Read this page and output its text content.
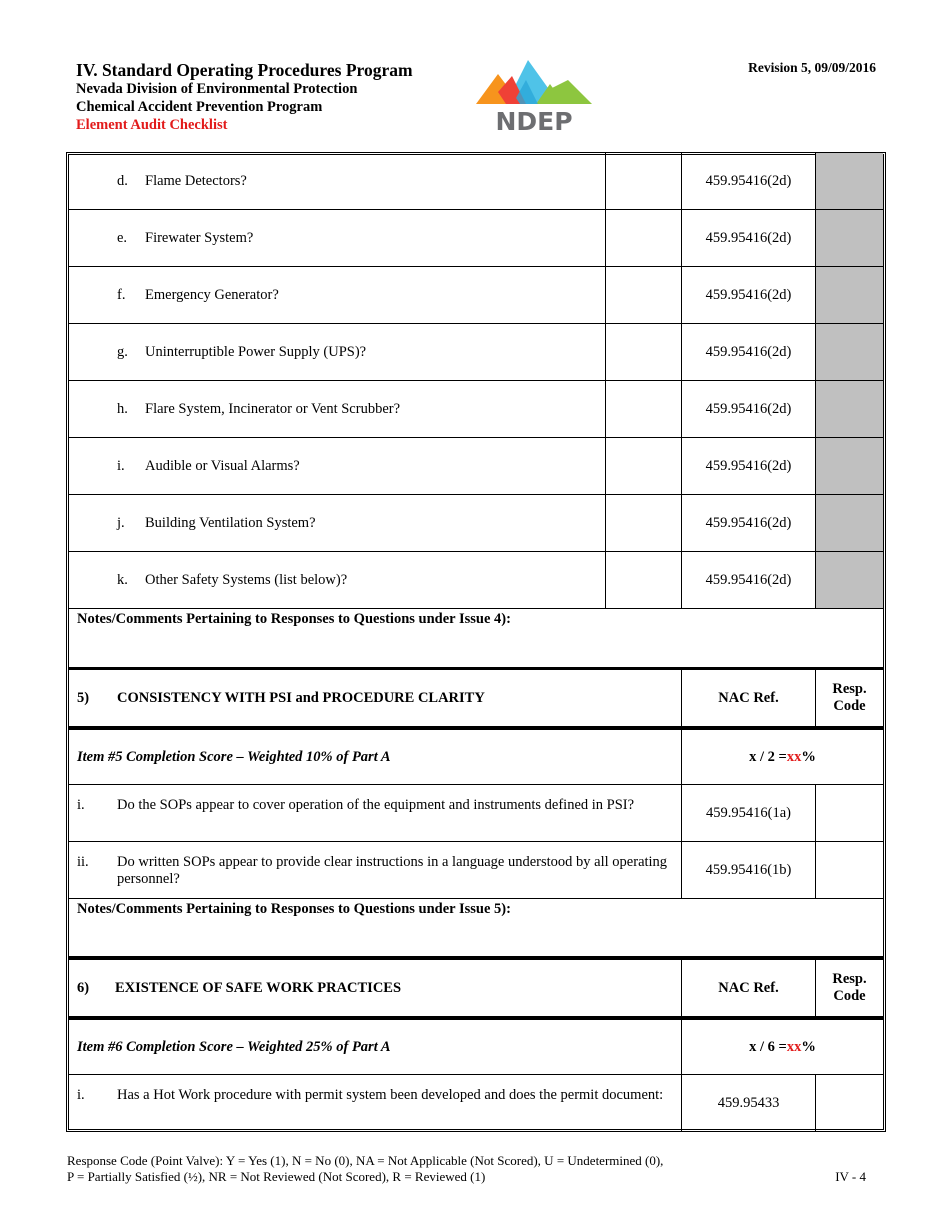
IV. Standard Operating Procedures Program
Nevada Division of Environmental Protection
Chemical Accident Prevention Program
Element Audit Checklist
Revision 5, 09/09/2016
NDEP
d. Flame Detectors?	459.95416(2d)
e. Firewater System?	459.95416(2d)
f. Emergency Generator?	459.95416(2d)
g. Uninterruptible Power Supply (UPS)?	459.95416(2d)
h. Flare System, Incinerator or Vent Scrubber?	459.95416(2d)
i. Audible or Visual Alarms?	459.95416(2d)
j. Building Ventilation System?	459.95416(2d)
k. Other Safety Systems (list below)?	459.95416(2d)
Notes/Comments Pertaining to Responses to Questions under Issue 4):
5) CONSISTENCY WITH PSI and PROCEDURE CLARITY	NAC Ref.
Resp.
Code
Item #5 Completion Score – Weighted 10% of Part A	x / 2 = xx %
i. Do the SOPs appear to cover operation of the equipment and instruments defined in PSI?	459.95416(1a)
ii. Do written SOPs appear to provide clear instructions in a language understood by all operating personnel?
459.95416(1b)
Notes/Comments Pertaining to Responses to Questions under Issue 5):
6) EXISTENCE OF SAFE WORK PRACTICES	NAC Ref.
Resp.
Code
Item #6 Completion Score – Weighted 25% of Part A	x / 6 = xx %
i. Has a Hot Work procedure with permit system been developed and does the permit document:	459.95433
Response Code (Point Valve): Y = Yes (1), N = No (0), NA = Not Applicable (Not Scored), U = Undetermined (0),
P = Partially Satisfied (½), NR = Not Reviewed (Not Scored), R = Reviewed (1)	IV - 4
